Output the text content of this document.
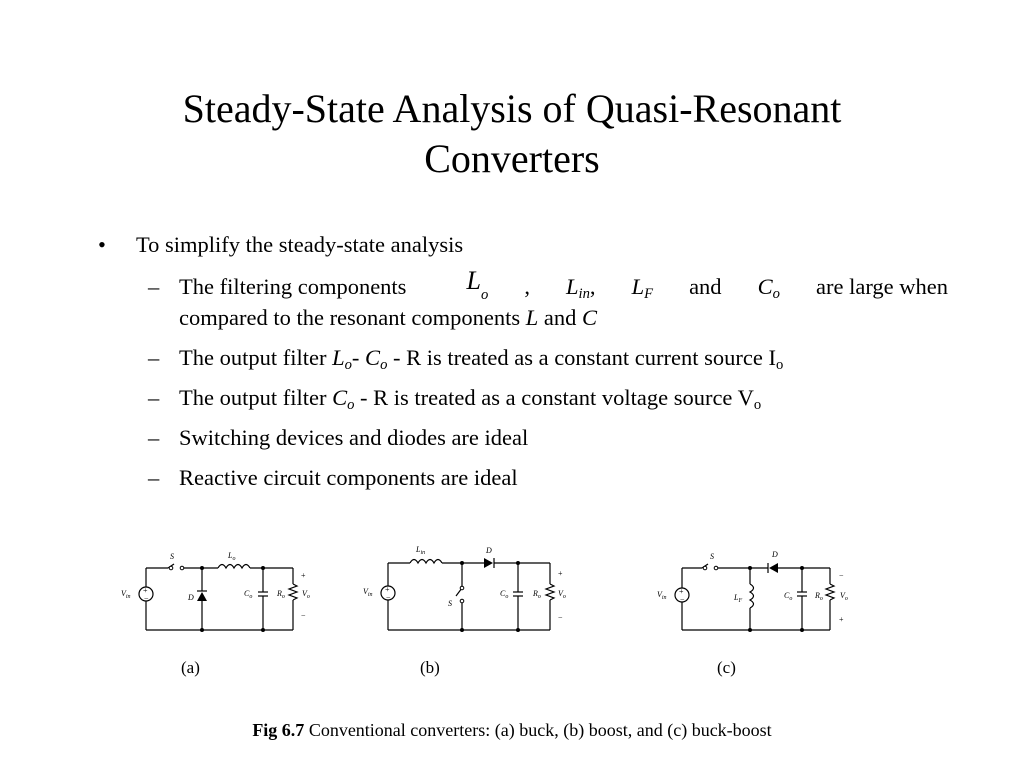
Steady-State Analysis of Quasi-Resonant Converters
• To simplify the steady-state analysis
– The filtering components $L_o$ , $L_{in}$, $L_F$ and $C_o$ are large when
compared to the resonant components L and C
– The output filter $L_o-$ $C_o$ - R is treated as a constant current source $I_o$
– The output filter $C_o$ - R is treated as a constant voltage source $V_o$
– Switching devices and diodes are ideal
– Reactive circuit components are ideal
+
−
S	$L_o$
$V_{in}$	D	$C_o$	$R_o$ $V_o$
+
−
+
−
$L_{in}$	D
$V_{in}$
S
$C_o$	$R_o$ $V_o$
+
−
+
−
S	D
$V_{in}$	$L_F$
$C_o$	$R_o$ $V_o$
−
+
(a)	(b)	(c)
Fig 6.7 Conventional converters: (a) buck, (b) boost, and (c) buck-boost
